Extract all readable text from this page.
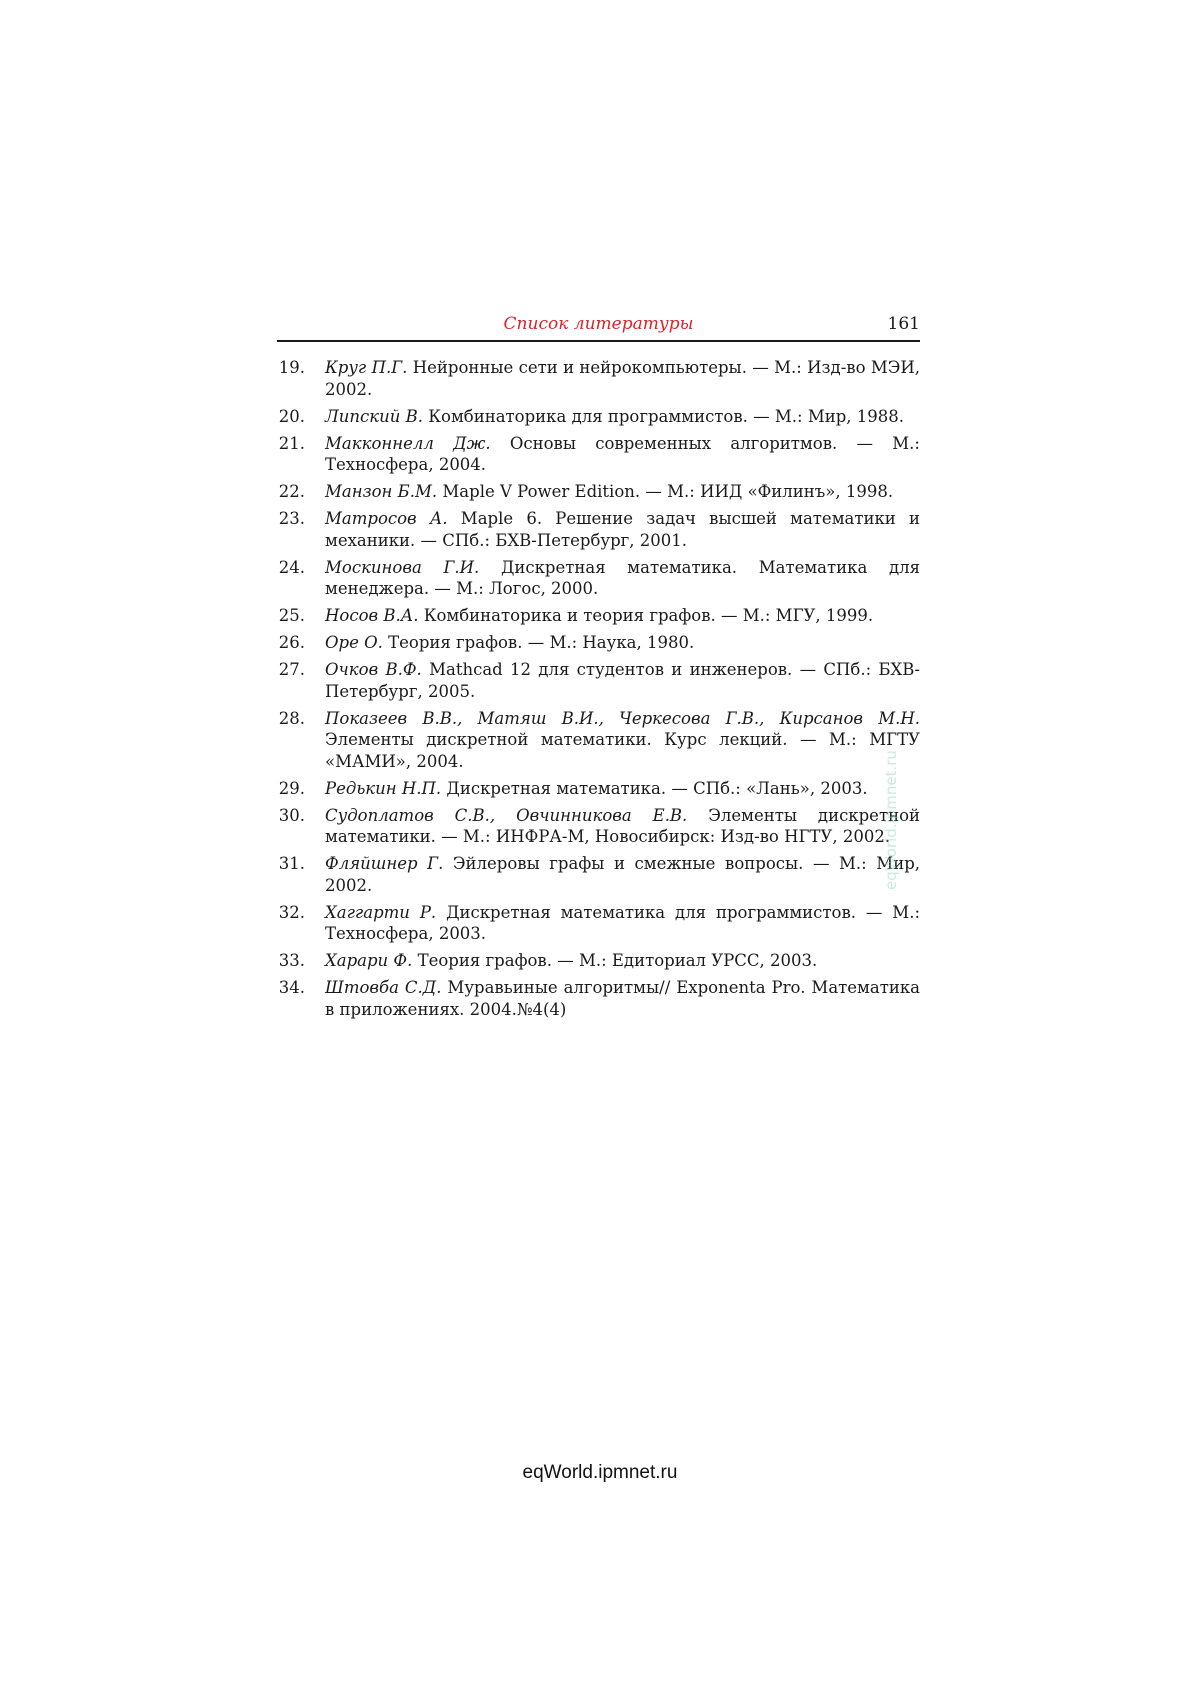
Список литературы	161
19. Круг П.Г. Нейронные сети и нейрокомпьютеры. — М.: Изд-во МЭИ, 2002.
20. Липский В. Комбинаторика для программистов. — М.: Мир, 1988.
21. Макконнелл Дж. Основы современных алгоритмов. — М.: Техносфера, 2004.
22. Манзон Б.М. Maple V Power Edition. — М.: ИИД «Филинъ», 1998.
23. Матросов А. Maple 6. Решение задач высшей математики и механики. — СПб.: БХВ-Петербург, 2001.
24. Москинова Г.И. Дискретная математика. Математика для менеджера. — М.: Логос, 2000.
25. Носов В.А. Комбинаторика и теория графов. — М.: МГУ, 1999.
26. Оре О. Теория графов. — М.: Наука, 1980.
27. Очков В.Ф. Mathcad 12 для студентов и инженеров. — СПб.: БХВ-Петербург, 2005.
28. Показеев В.В., Матяш В.И., Черкесова Г.В., Кирсанов М.Н. Элементы дискретной математики. Курс лекций. — М.: МГТУ «МАМИ», 2004.
29. Редькин Н.П. Дискретная математика. — СПб.: «Лань», 2003.
30. Судоплатов С.В., Овчинникова Е.В. Элементы дискретной математики. — М.: ИНФРА-М, Новосибирск: Изд-во НГТУ, 2002.
31. Фляйшнер Г. Эйлеровы графы и смежные вопросы. — М.: Мир, 2002.
32. Хаггарти Р. Дискретная математика для программистов. — М.: Техносфера, 2003.
33. Харари Ф. Теория графов. — М.: Едиториал УРСС, 2003.
34. Штовба С.Д. Муравьиные алгоритмы// Exponenta Pro. Математика в приложениях. 2004.№4(4)
eqWorld.ipmnet.ru
eqWorld.ipmnet.ru
